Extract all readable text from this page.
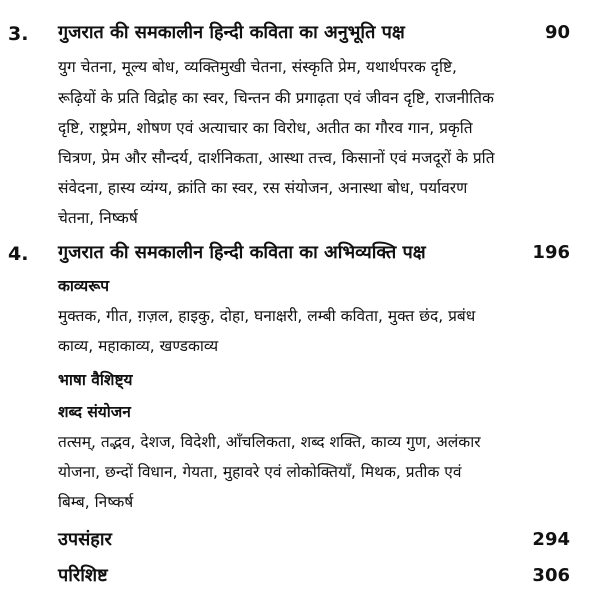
3. गुजरात की समकालीन हिन्दी कविता का अनुभूति पक्ष	90
युग चेतना, मूल्य बोध, व्यक्तिमुखी चेतना, संस्कृति प्रेम, यथार्थपरक दृष्टि,
रूढ़ियों के प्रति विद्रोह का स्वर, चिन्तन की प्रगाढ़ता एवं जीवन दृष्टि, राजनीतिक
दृष्टि, राष्ट्रप्रेम, शोषण एवं अत्याचार का विरोध, अतीत का गौरव गान, प्रकृति
चित्रण, प्रेम और सौन्दर्य, दार्शनिकता, आस्था तत्त्व, किसानों एवं मजदूरों के प्रति
संवेदना, हास्य व्यंग्य, क्रांति का स्वर, रस संयोजन, अनास्था बोध, पर्यावरण
चेतना, निष्कर्ष
4. गुजरात की समकालीन हिन्दी कविता का अभिव्यक्ति पक्ष	196
काव्यरूप
मुक्तक, गीत, ग़ज़ल, हाइकु, दोहा, घनाक्षरी, लम्बी कविता, मुक्त छंद, प्रबंध
काव्य, महाकाव्य, खण्डकाव्य
भाषा वैशिष्ट्य
शब्द संयोजन
तत्सम्, तद्भव, देशज, विदेशी, आँचलिकता, शब्द शक्ति, काव्य गुण, अलंकार
योजना, छन्दों विधान, गेयता, मुहावरे एवं लोकोक्तियाँ, मिथक, प्रतीक एवं
बिम्ब, निष्कर्ष
उपसंहार	294
परिशिष्ट	306
